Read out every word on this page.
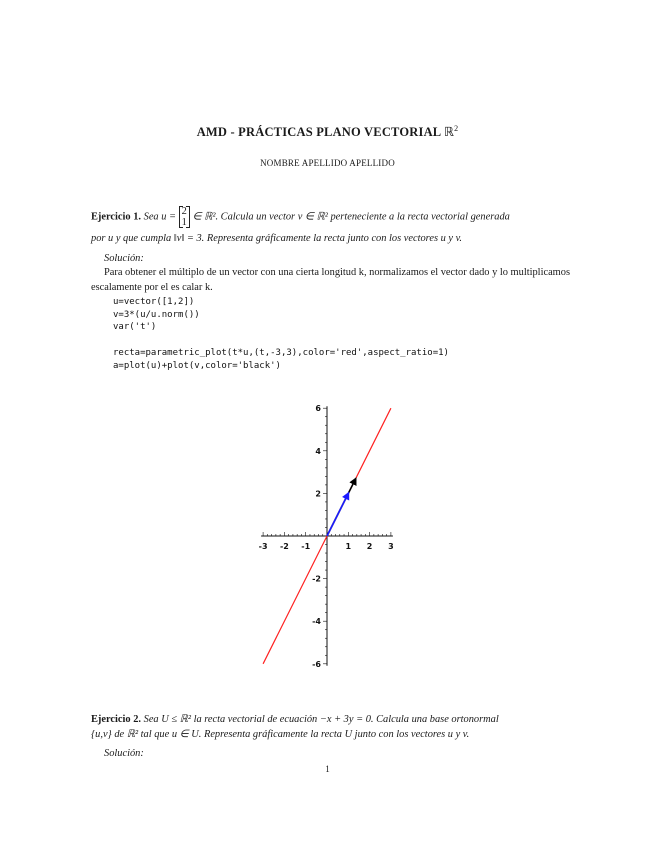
AMD - PRÁCTICAS PLANO VECTORIAL ℝ$^2$
NOMBRE APELLIDO APELLIDO
Ejercicio 1. Sea u = 2
1
∈ ℝ². Calcula un vector v ∈ ℝ² perteneciente a la recta vectorial generada
por u y que cumpla ‖v‖ = 3. Representa gráficamente la recta junto con los vectores u y v.
Solución:
Para obtener el múltiplo de un vector con una cierta longitud k, normalizamos el vector dado y lo multiplicamos escalamente por el es calar k.
u=vector([1,2])
v=3*(u/u.norm())
var('t')
recta=parametric_plot(t*u,(t,-3,3),color='red',aspect_ratio=1)
a=plot(u)+plot(v,color='black')
-3 -2 -1	1 2 3
6
4
2
-2
-4
-6
Ejercicio 2. Sea U ≤ ℝ² la recta vectorial de ecuación −x + 3y = 0. Calcula una base ortonormal
{u,v} de ℝ² tal que u ∈ U. Representa gráficamente la recta U junto con los vectores u y v.
Solución:
1
